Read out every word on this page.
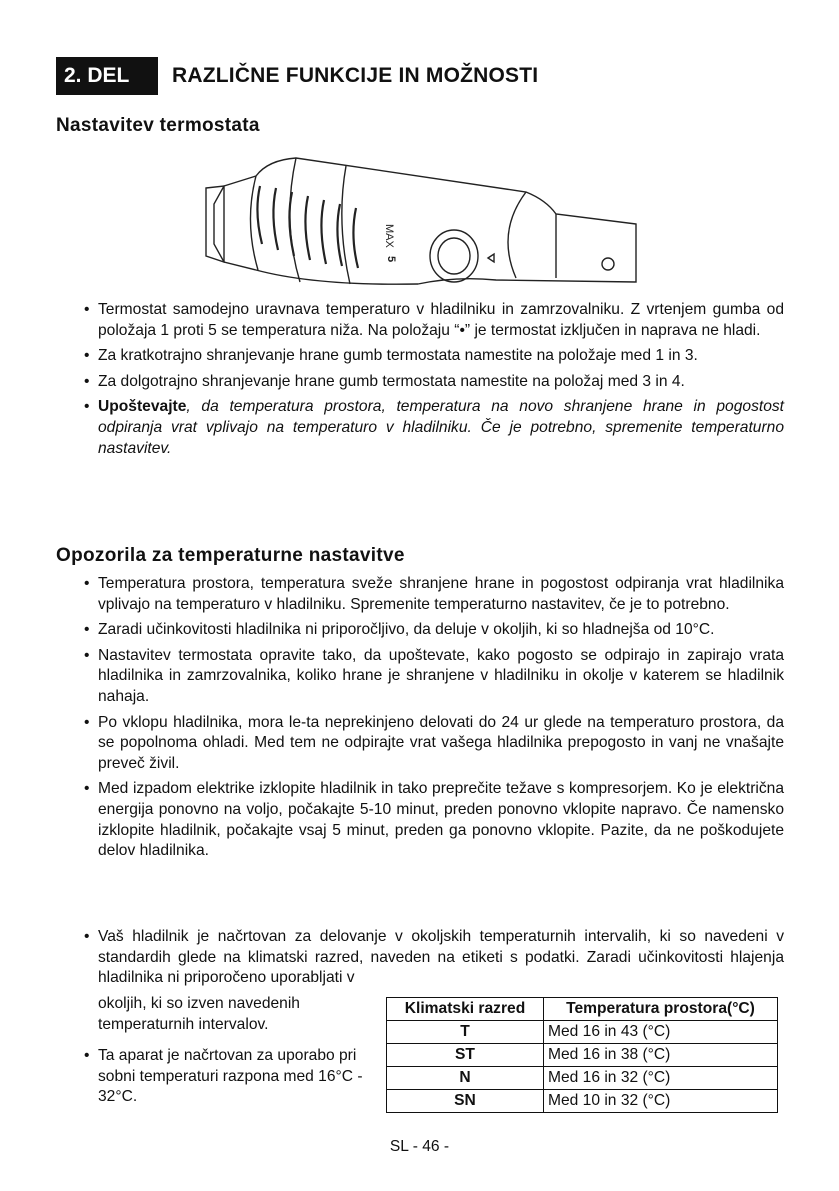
2. DEL	RAZLIČNE FUNKCIJE IN MOŽNOSTI
Nastavitev termostata
MAX
5
• Termostat samodejno uravnava temperaturo v hladilniku in zamrzovalniku. Z vrtenjem gumba od položaja 1 proti 5 se temperatura niža. Na položaju “•” je termostat izključen in naprava ne hladi.
• Za kratkotrajno shranjevanje hrane gumb termostata namestite na položaje med 1 in 3.
• Za dolgotrajno shranjevanje hrane gumb termostata namestite na položaj med 3 in 4.
• Upoštevajte, da temperatura prostora, temperatura na novo shranjene hrane in pogostost odpiranja vrat vplivajo na temperaturo v hladilniku. Če je potrebno, spremenite temperaturno nastavitev.
Opozorila za temperaturne nastavitve
• Temperatura prostora, temperatura sveže shranjene hrane in pogostost odpiranja vrat hladilnika vplivajo na temperaturo v hladilniku. Spremenite temperaturno nastavitev, če je to potrebno.
• Zaradi učinkovitosti hladilnika ni priporočljivo, da deluje v okoljih, ki so hladnejša od 10°C.
• Nastavitev termostata opravite tako, da upoštevate, kako pogosto se odpirajo in zapirajo vrata hladilnika in zamrzovalnika, koliko hrane je shranjene v hladilniku in okolje v katerem se hladilnik nahaja.
• Po vklopu hladilnika, mora le-ta neprekinjeno delovati do 24 ur glede na temperaturo prostora, da se popolnoma ohladi. Med tem ne odpirajte vrat vašega hladilnika prepogosto in vanj ne vnašajte preveč živil.
• Med izpadom elektrike izklopite hladilnik in tako preprečite težave s kompresorjem. Ko je električna energija ponovno na voljo, počakajte 5-10 minut, preden ponovno vklopite napravo. Če namensko izklopite hladilnik, počakajte vsaj 5 minut, preden ga ponovno vklopite. Pazite, da ne poškodujete delov hladilnika.
• Vaš hladilnik je načrtovan za delovanje v okoljskih temperaturnih intervalih, ki so navedeni v standardih glede na klimatski razred, naveden na etiketi s podatki. Zaradi učinkovitosti hlajenja hladilnika ni priporočeno uporabljati v
okoljih, ki so izven navedenih temperaturnih intervalov.
• Ta aparat je načrtovan za uporabo pri sobni temperaturi razpona med 16°C - 32°C.
Klimatski razred	Temperatura prostora(°C)
T	Med 16 in 43 (°C)
ST	Med 16 in 38 (°C)
N	Med 16 in 32 (°C)
SN	Med 10 in 32 (°C)
SL - 46 -
